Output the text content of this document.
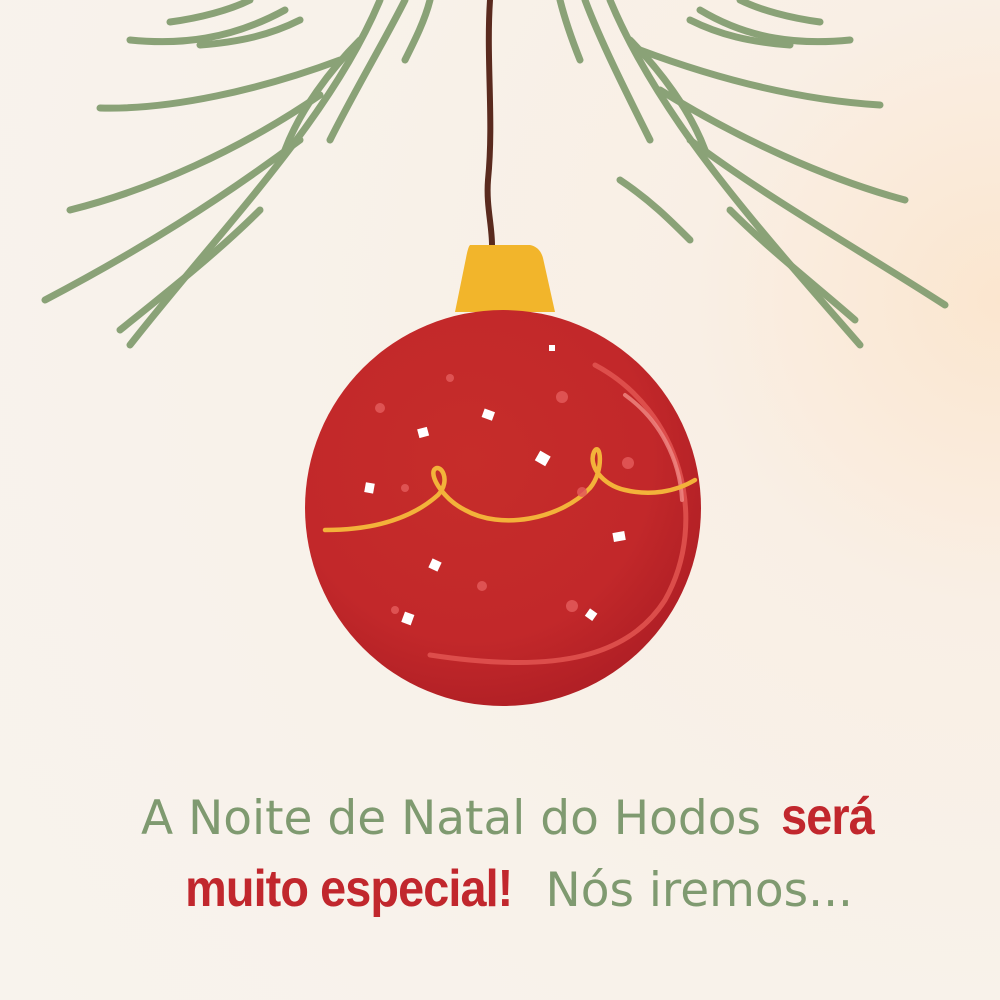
A Noite de Natal do Hodos será
muito especial! Nós iremos...
